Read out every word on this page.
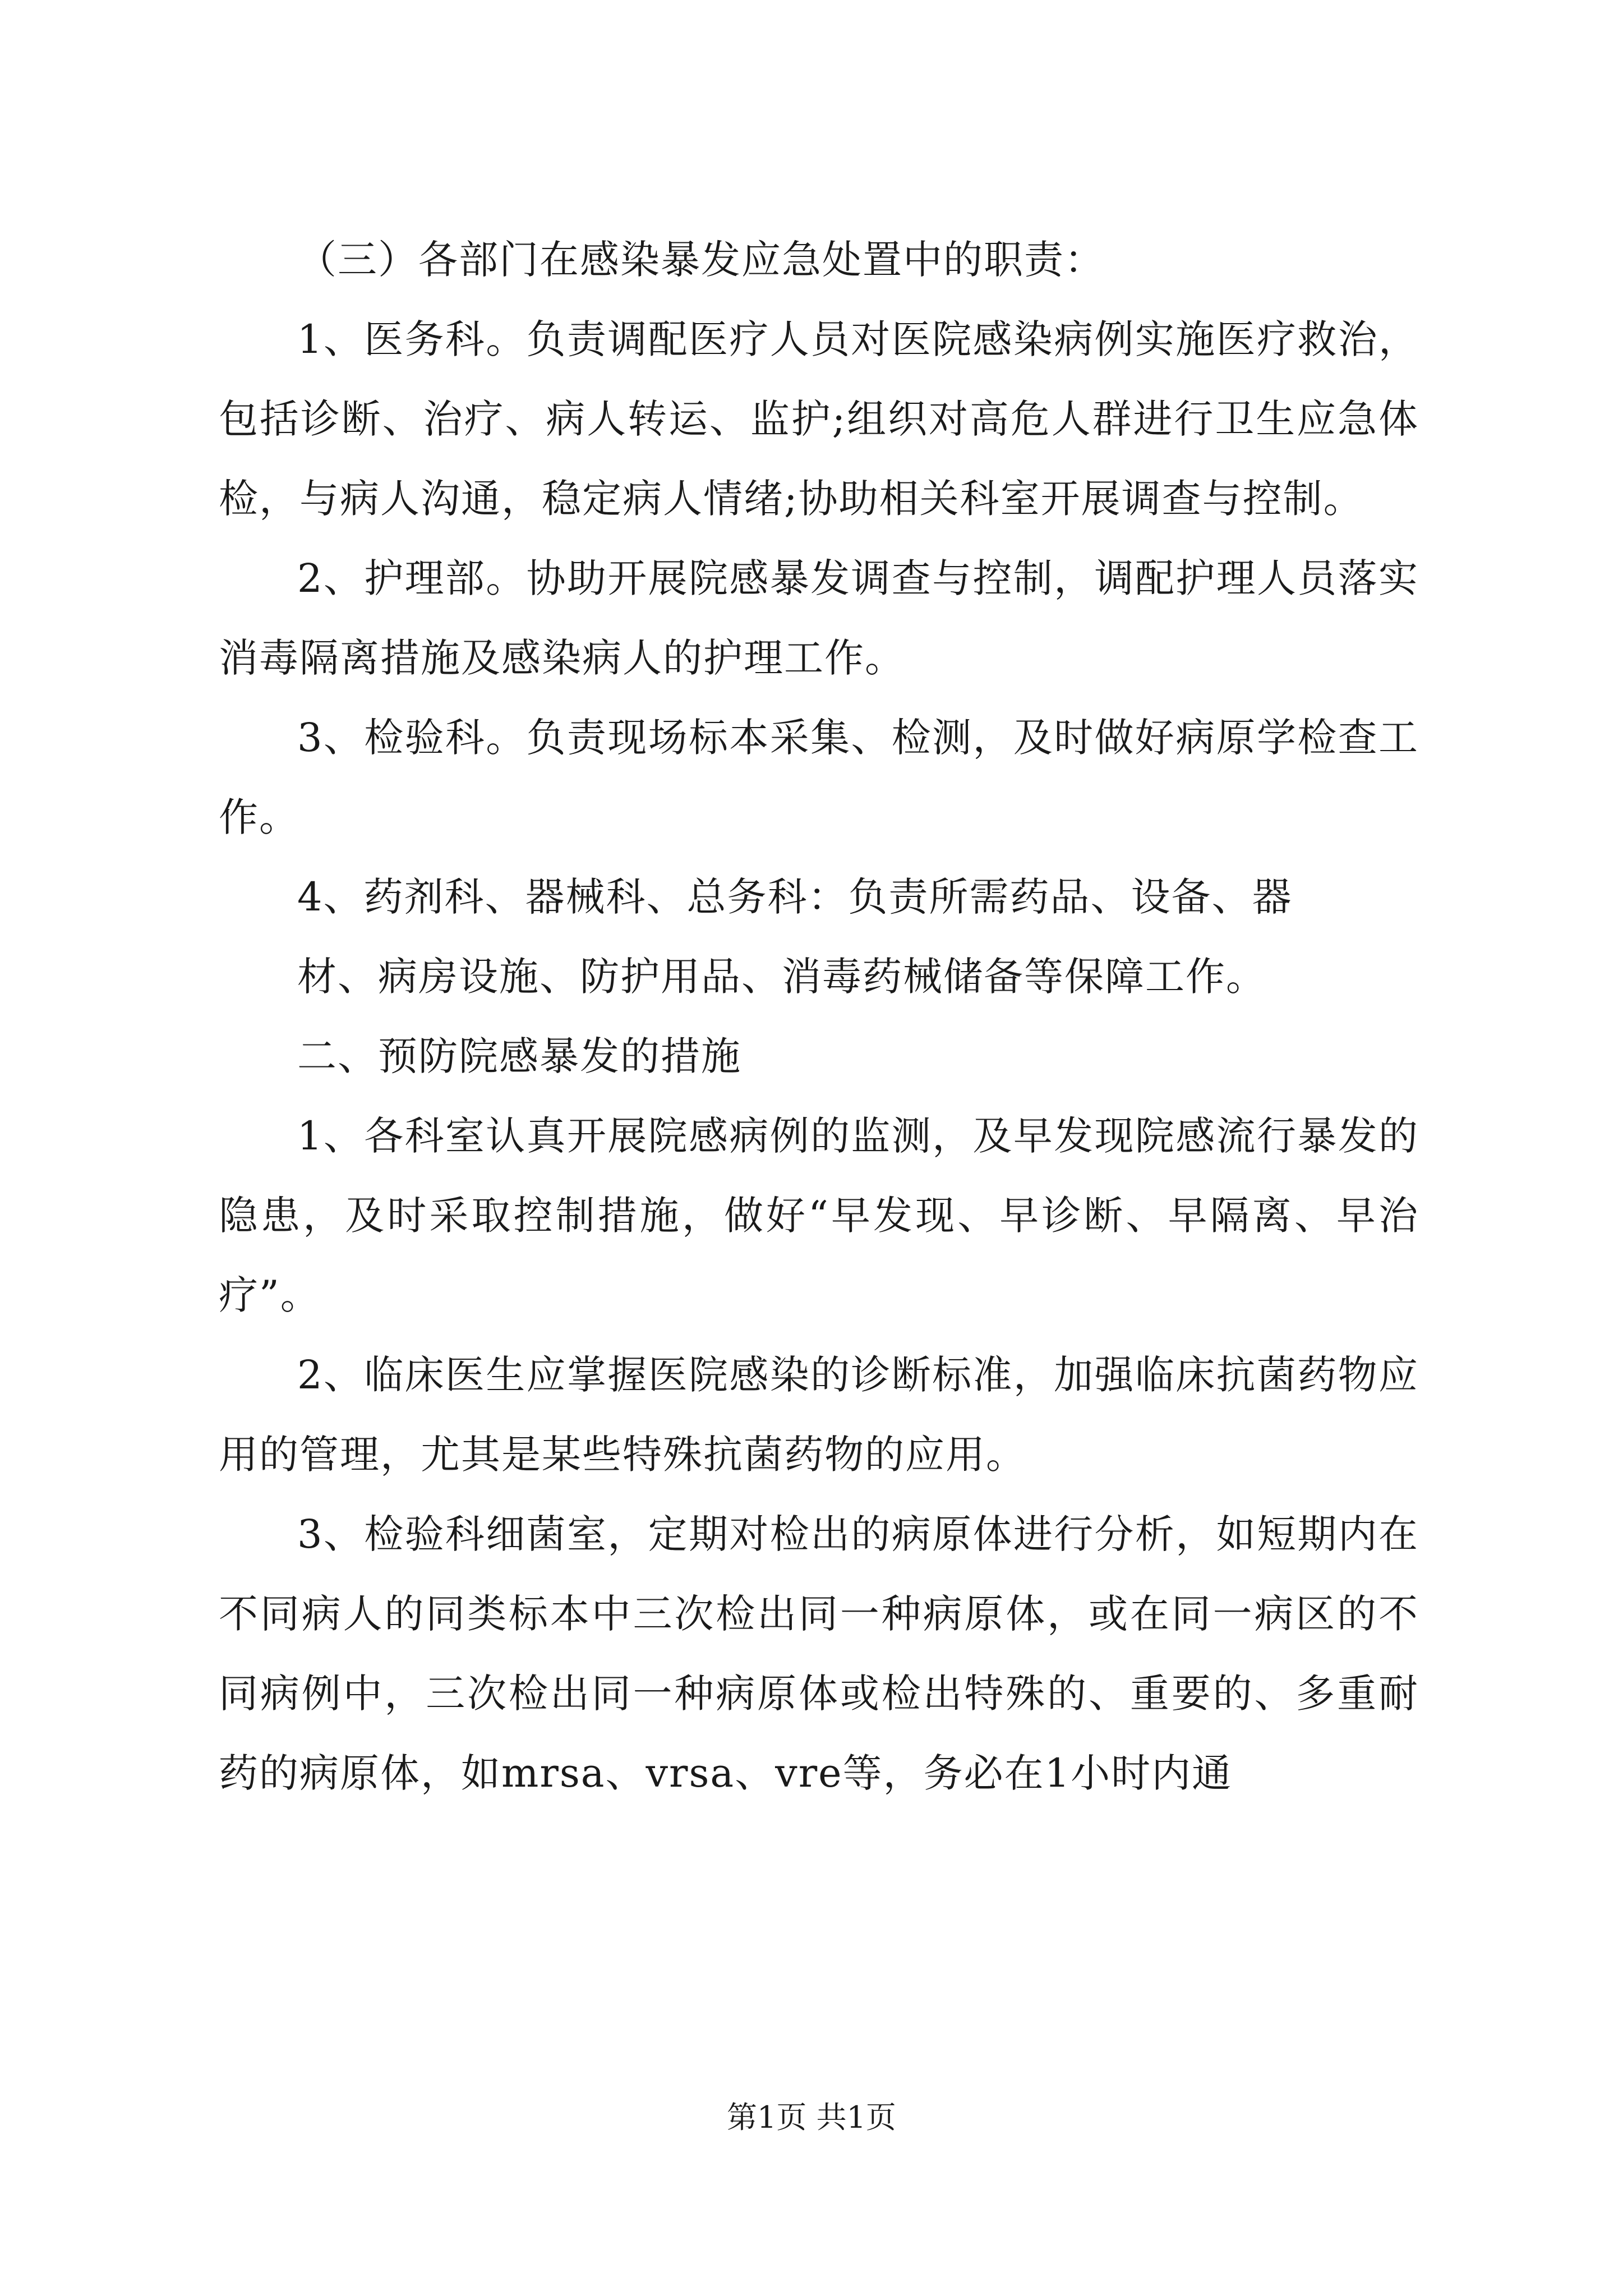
（三）各部门在感染暴发应急处置中的职责：

1、医务科。负责调配医疗人员对医院感染病例实施医疗救治，包括诊断、治疗、病人转运、监护;组织对高危人群进行卫生应急体检，与病人沟通，稳定病人情绪;协助相关科室开展调查与控制。

2、护理部。协助开展院感暴发调查与控制，调配护理人员落实消毒隔离措施及感染病人的护理工作。

3、检验科。负责现场标本采集、检测，及时做好病原学检查工作。

4、药剂科、器械科、总务科：负责所需药品、设备、器

材、病房设施、防护用品、消毒药械储备等保障工作。

二、预防院感暴发的措施

1、各科室认真开展院感病例的监测，及早发现院感流行暴发的隐患，及时采取控制措施，做好“早发现、早诊断、早隔离、早治疗”。

2、临床医生应掌握医院感染的诊断标准，加强临床抗菌药物应用的管理，尤其是某些特殊抗菌药物的应用。

3、检验科细菌室，定期对检出的病原体进行分析，如短期内在不同病人的同类标本中三次检出同一种病原体，或在同一病区的不同病例中，三次检出同一种病原体或检出特殊的、重要的、多重耐药的病原体，如mrsa、vrsa、vre等，务必在1小时内通

第1页 共1页
